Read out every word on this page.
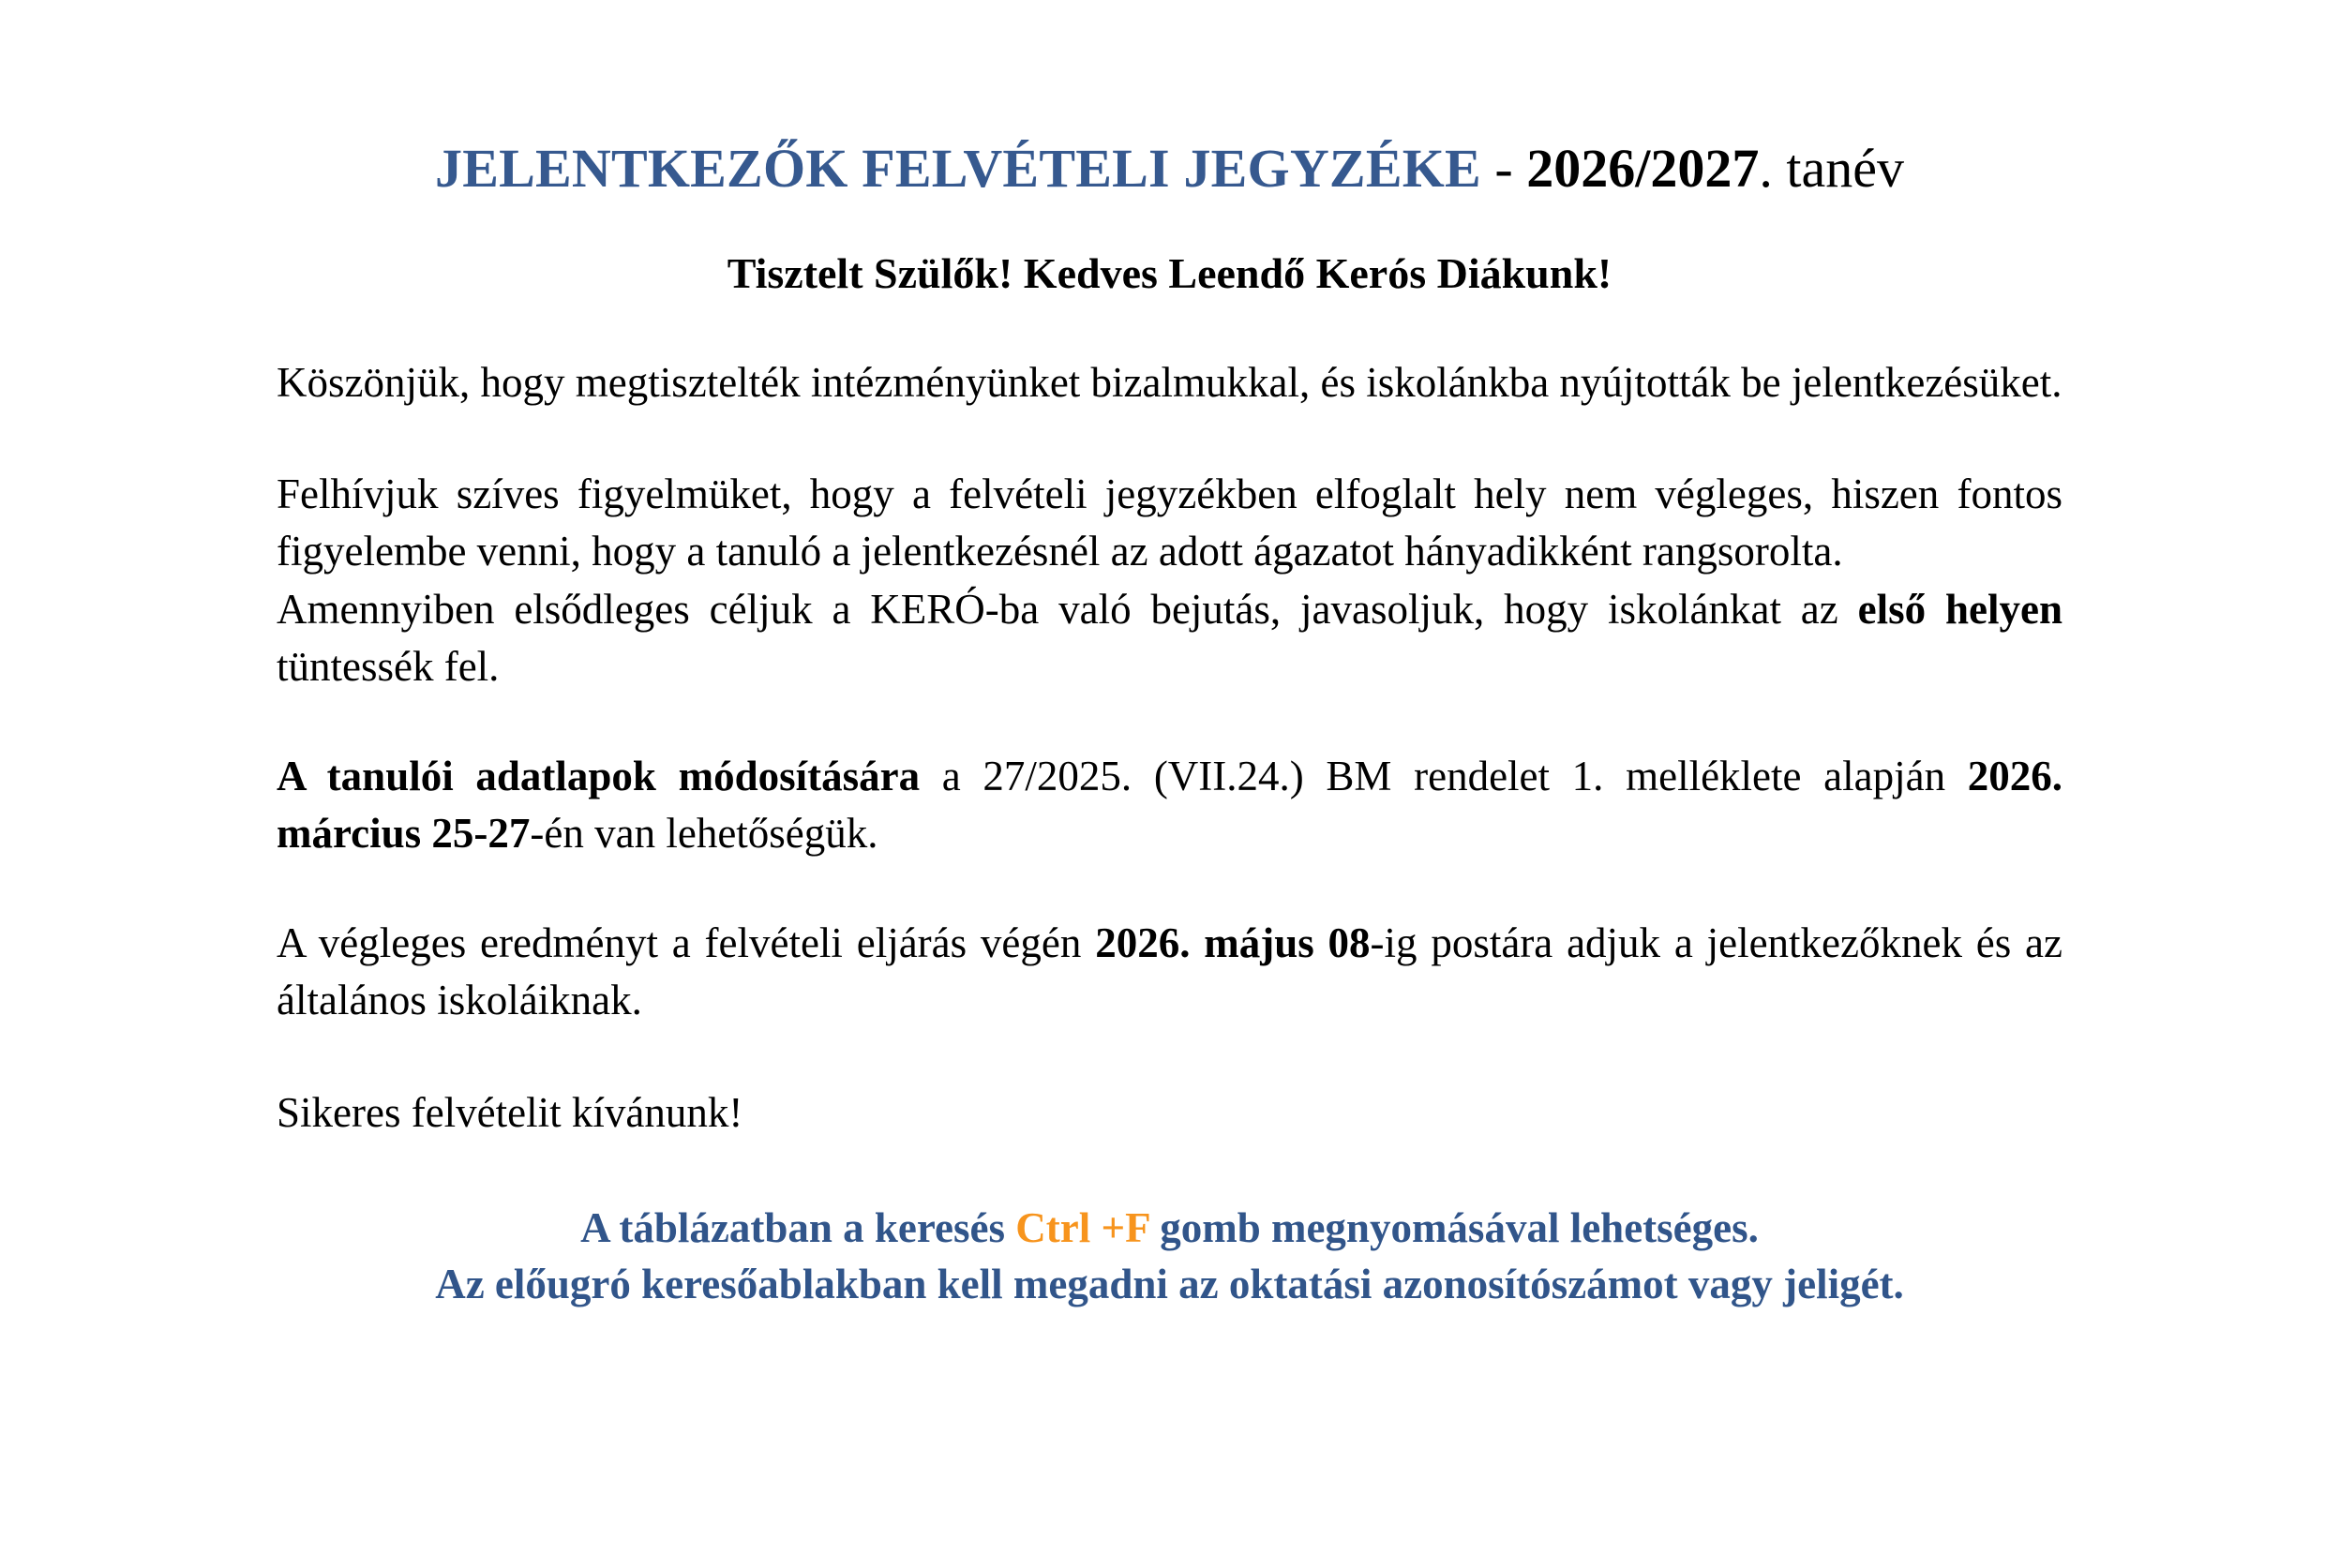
JELENTKEZŐK FELVÉTELI JEGYZÉKE - 2026/2027. tanév

Tisztelt Szülők! Kedves Leendő Kerós Diákunk!

Köszönjük, hogy megtisztelték intézményünket bizalmukkal, és iskolánkba nyújtották be jelentkezésüket.

Felhívjuk szíves figyelmüket, hogy a felvételi jegyzékben elfoglalt hely nem végleges, hiszen fontos figyelembe venni, hogy a tanuló a jelentkezésnél az adott ágazatot hányadikként rangsorolta.

Amennyiben elsődleges céljuk a KERÓ-ba való bejutás, javasoljuk, hogy iskolánkat az első helyen tüntessék fel.

A tanulói adatlapok módosítására a 27/2025. (VII.24.) BM rendelet 1. melléklete alapján 2026. március 25-27-én van lehetőségük.

A végleges eredményt a felvételi eljárás végén 2026. május 08-ig postára adjuk a jelentkezőknek és az általános iskoláiknak.

Sikeres felvételit kívánunk!

A táblázatban a keresés Ctrl +F gomb megnyomásával lehetséges.

Az előugró keresőablakban kell megadni az oktatási azonosítószámot vagy jeligét.
